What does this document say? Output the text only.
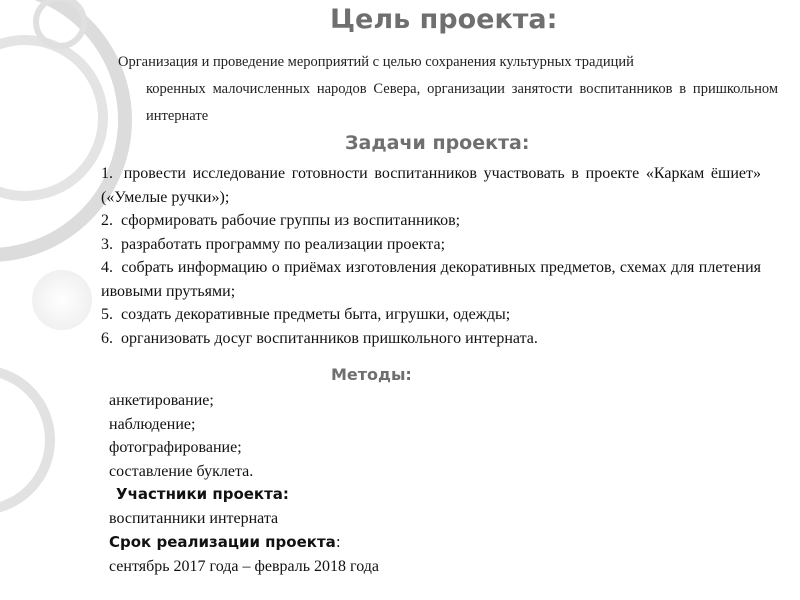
Цель проекта:
Организация и проведение мероприятий с целью сохранения культурных традиций
коренных малочисленных народов Севера, организации занятости воспитанников в пришкольном интернате
Задачи проекта:
1. провести исследование готовности воспитанников участвовать в проекте «Каркам ёшиет» («Умелые ручки»);
2. сформировать рабочие группы из воспитанников;
3. разработать программу по реализации проекта;
4. собрать информацию о приёмах изготовления декоративных предметов, схемах для плетения ивовыми прутьями;
5. создать декоративные предметы быта, игрушки, одежды;
6. организовать досуг воспитанников пришкольного интерната.
Методы:
анкетирование;
наблюдение;
фотографирование;
составление буклета.
Участники проекта:
воспитанники интерната
Срок реализации проекта:
сентябрь 2017 года – февраль 2018 года
